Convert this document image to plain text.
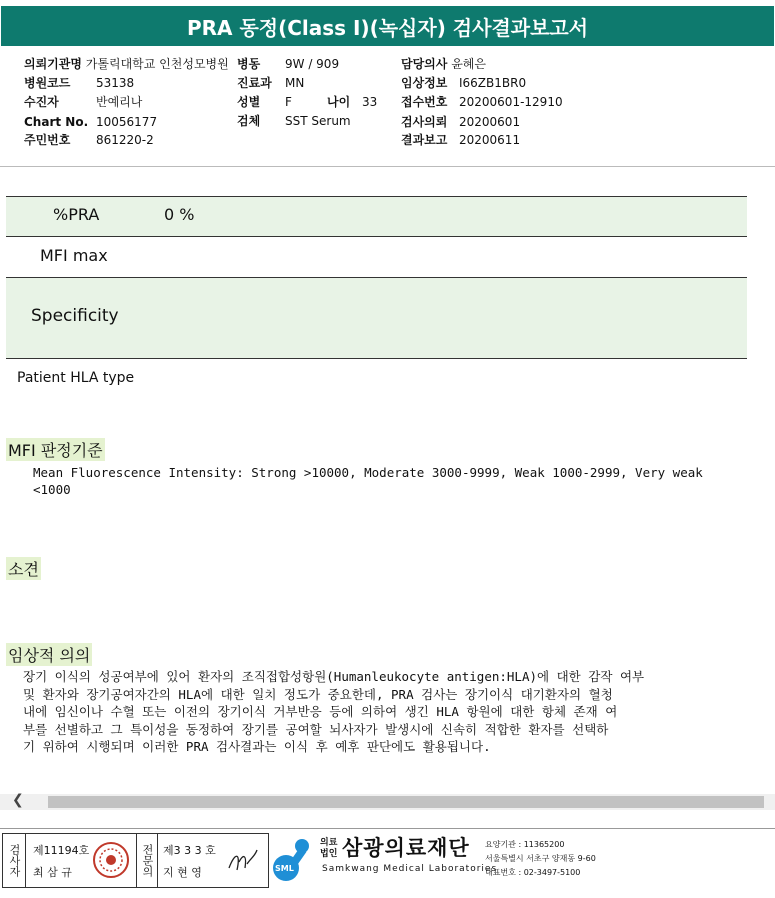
PRA 동정(Class I)(녹십자) 검사결과보고서
의뢰기관명 가톨릭대학교 인천성모병원 병동 9W / 909	담당의사 윤혜은
병원코드 53138	진료과 MN	임상정보 I66ZB1BR0
수진자	반예리나	성별 F	나이 33 접수번호 20200601-12910
Chart No. 10056177	검체 SST Serum	검사의뢰 20200601
주민번호 861220-2	결과보고 20200611
%PRA	0 %
MFI max
Specificity
Patient HLA type
MFI 판정기준
Mean Fluorescence Intensity: Strong >10000, Moderate 3000-9999, Weak 1000-2999, Very weak
<1000
소견
임상적 의의
장기 이식의 성공여부에 있어 환자의 조직접합성항원(Humanleukocyte antigen:HLA)에 대한 감작 여부
및 환자와 장기공여자간의 HLA에 대한 일치 정도가 중요한데, PRA 검사는 장기이식 대기환자의 혈청
내에 임신이나 수혈 또는 이전의 장기이식 거부반응 등에 의하여 생긴 HLA 항원에 대한 항체 존재 여
부를 선별하고 그 특이성을 동정하여 장기를 공여할 뇌사자가 발생시에 신속히 적합한 환자를 선택하
기 위하여 시행되며 이러한 PRA 검사결과는 이식 후 예후 판단에도 활용됩니다.
❮
검사자	제11194호
최 삼 규	전문의 제3 3 3 호
지 현 영	SML
의료법인 삼광의료재단
Samkwang Medical Laboratories
요양기관 : 11365200
서울특별시 서초구 양재동 9-60
대표번호 : 02-3497-5100
